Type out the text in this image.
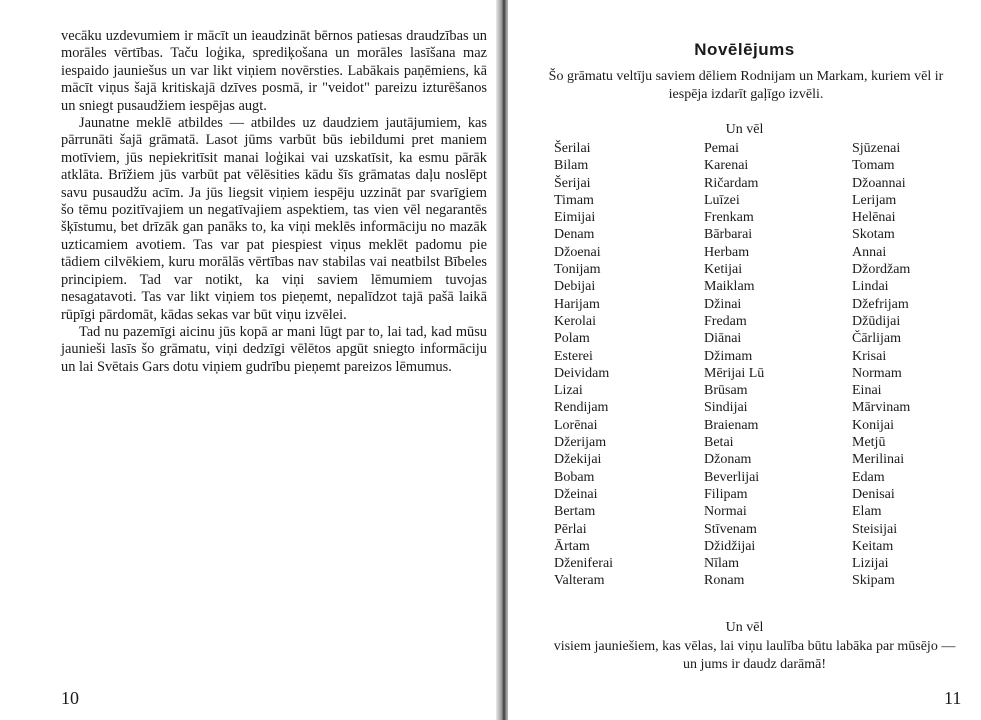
vecāku uzdevumiem ir mācīt un ieaudzināt bērnos patiesas draudzības un morāles vērtības. Taču loģika, sprediķošana un morāles lasīšana maz iespaido jauniešus un var likt viņiem novērsties. Labākais paņēmiens, kā mācīt viņus šajā kritiskajā dzīves posmā, ir "veidot" pareizu izturēšanos un sniegt pusaudžiem iespējas augt.

Jaunatne meklē atbildes — atbildes uz daudziem jautājumiem, kas pārrunāti šajā grāmatā. Lasot jūms varbūt būs iebildumi pret maniem motīviem, jūs nepiekritīsit manai loģikai vai uzskatīsit, ka esmu pārāk atklāta. Brīžiem jūs varbūt pat vēlēsities kādu šīs grāmatas daļu noslēpt savu pusaudžu acīm. Ja jūs liegsit viņiem iespēju uzzināt par svarīgiem šo tēmu pozitīvajiem un negatīvajiem aspektiem, tas vien vēl negarantēs šķīstumu, bet drīzāk gan panāks to, ka viņi meklēs informāciju no mazāk uzticamiem avotiem. Tas var pat piespiest viņus meklēt padomu pie tādiem cilvēkiem, kuru morālās vērtības nav stabilas vai neatbilst Bībeles principiem. Tad var notikt, ka viņi saviem lēmumiem tuvojas nesagatavoti. Tas var likt viņiem tos pieņemt, nepalīdzot tajā pašā laikā rūpīgi pārdomāt, kādas sekas var būt viņu izvēlei.

Tad nu pazemīgi aicinu jūs kopā ar mani lūgt par to, lai tad, kad mūsu jaunieši lasīs šo grāmatu, viņi dedzīgi vēlētos apgūt sniegto informāciju un lai Svētais Gars dotu viņiem gudrību pieņemt pareizos lēmumus.

10
Novēlējums
Šo grāmatu veltīju saviem dēliem Rodnijam un Markam, kuriem vēl ir iespēja izdarīt gaļīgo izvēli.
Un vēl
Šerilai
Bilam
Šerijai
Timam
Eimijai
Denam
Džoenai
Tonijam
Debijai
Harijam
Kerolai
Polam
Esterei
Deividam
Lizai
Rendijam
Lorēnai
Džerijam
Džekijai
Bobam
Džeinai
Bertam
Pērlai
Ārtam
Dženiferai
Valteram
Pemai
Karenai
Ričardam
Luīzei
Frenkam
Bārbarai
Herbam
Ketijai
Maiklam
Džinai
Fredam
Diānai
Džimam
Mērijai Lū
Brūsam
Sindijai
Braienam
Betai
Džonam
Beverlijai
Filipam
Normai
Stīvenam
Džidžijai
Nīlam
Ronam
Sjūzenai
Tomam
Džoannai
Lerijam
Helēnai
Skotam
Annai
Džordžam
Lindai
Džefrijam
Džūdijai
Čārlijam
Krisai
Normam
Einai
Mārvinam
Konijai
Metjū
Merilinai
Edam
Denisai
Elam
Steisijai
Keitam
Lizijai
Skipam
Un vēl
visiem jauniešiem, kas vēlas, lai viņu laulība būtu labāka par mūsējo — un jums ir daudz darāmā!
11
